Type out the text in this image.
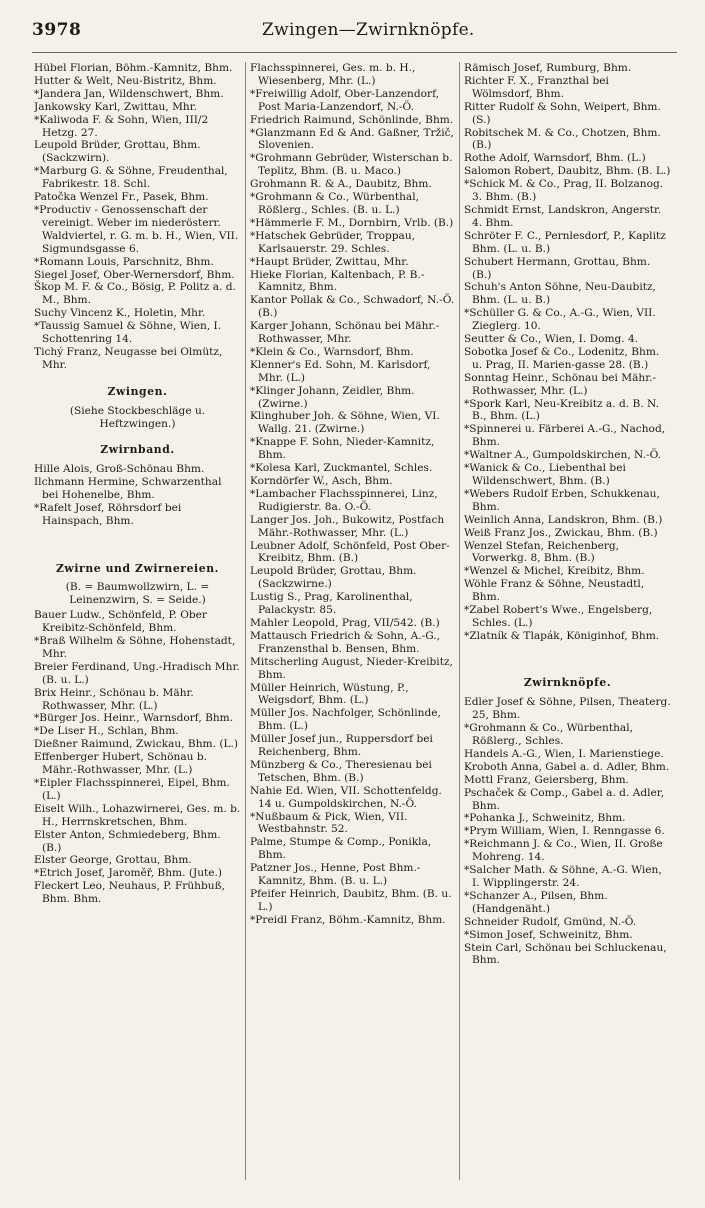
3978	Zwingen—Zwirnknöpfe.

Hübel Florian, Böhm.-Kamnitz, Bhm.

Hutter & Welt, Neu-Bistritz, Bhm.

*Jandera Jan, Wildenschwert, Bhm.

Jankowsky Karl, Zwittau, Mhr.

*Kaliwoda F. & Sohn, Wien, III/2 Hetzg. 27.

Leupold Brüder, Grottau, Bhm. (Sackzwirn).

*Marburg G. & Söhne, Freudenthal, Fabrikestr. 18. Schl.

Patočka Wenzel Fr., Pasek, Bhm.

*Productiv - Genossenschaft der vereinigt. Weber im niederösterr. Waldviertel, r. G. m. b. H., Wien, VII. Sigmundsgasse 6.

*Romann Louis, Parschnitz, Bhm.

Siegel Josef, Ober-Wernersdorf, Bhm.

Škop M. F. & Co., Bösig, P. Politz a. d. M., Bhm.

Suchy Vincenz K., Holetin, Mhr.

*Taussig Samuel & Söhne, Wien, I. Schottenring 14.

Tichý Franz, Neugasse bei Olmütz, Mhr.

Zwingen.

(Siehe Stockbeschläge u. Heftzwingen.)

Zwirnband.

Hille Alois, Groß-Schönau Bhm.

Ilchmann Hermine, Schwarzenthal bei Hohenelbe, Bhm.

*Rafelt Josef, Röhrsdorf bei Hainspach, Bhm.

Zwirne und Zwirnereien.

(B. = Baumwollzwirn, L. = Leinenzwirn, S. = Seide.)

Bauer Ludw., Schönfeld, P. Ober Kreibitz-Schönfeld, Bhm.

*Braß Wilhelm & Söhne, Hohenstadt, Mhr.

Breier Ferdinand, Ung.-Hradisch Mhr. (B. u. L.)

Brix Heinr., Schönau b. Mähr. Rothwasser, Mhr. (L.)

*Bürger Jos. Heinr., Warnsdorf, Bhm.

*De Liser H., Schlan, Bhm.

Dießner Raimund, Zwickau, Bhm. (L.)

Effenberger Hubert, Schönau b. Mähr.-Rothwasser, Mhr. (L.)

*Eipler Flachsspinnerei, Eipel, Bhm. (L.)

Eiselt Wilh., Lohazwirnerei, Ges. m. b. H., Herrnskretschen, Bhm.

Elster Anton, Schmiedeberg, Bhm. (B.)

Elster George, Grottau, Bhm.

*Etrich Josef, Jaroměř, Bhm. (Jute.)

Fleckert Leo, Neuhaus, P. Frühbuß, Bhm. Bhm.

Flachsspinnerei, Ges. m. b. H., Wiesenberg, Mhr. (L.)

*Freiwillig Adolf, Ober-Lanzendorf, Post Maria-Lanzendorf, N.-Ö.

Friedrich Raimund, Schönlinde, Bhm.

*Glanzmann Ed & And. Gaßner, Tržič, Slovenien.

*Grohmann Gebrüder, Wisterschan b. Teplitz, Bhm. (B. u. Maco.)

Grohmann R. & A., Daubitz, Bhm.

*Grohmann & Co., Würbenthal, Rößlerg., Schles. (B. u. L.)

*Hämmerle F. M., Dornbirn, Vrlb. (B.)

*Hatschek Gebrüder, Troppau, Karlsauerstr. 29. Schles.

*Haupt Brüder, Zwittau, Mhr.

Hieke Florian, Kaltenbach, P. B.-Kamnitz, Bhm.

Kantor Pollak & Co., Schwadorf, N.-Ö. (B.)

Karger Johann, Schönau bei Mähr.-Rothwasser, Mhr.

*Klein & Co., Warnsdorf, Bhm.

Klenner's Ed. Sohn, M. Karlsdorf, Mhr. (L.)

*Klinger Johann, Zeidler, Bhm. (Zwirne.)

Klinghuber Joh. & Söhne, Wien, VI. Wallg. 21. (Zwirne.)

*Knappe F. Sohn, Nieder-Kamnitz, Bhm.

*Kolesa Karl, Zuckmantel, Schles.

Korndörfer W., Asch, Bhm.

*Lambacher Flachsspinnerei, Linz, Rudigierstr. 8a. O.-Ö.

Langer Jos. Joh., Bukowitz, Postfach Mähr.-Rothwasser, Mhr. (L.)

Leubner Adolf, Schönfeld, Post Ober-Kreibitz, Bhm. (B.)

Leupold Brüder, Grottau, Bhm. (Sackzwirne.)

Lustig S., Prag, Karolinenthal, Palackystr. 85.

Mahler Leopold, Prag, VII/542. (B.)

Mattausch Friedrich & Sohn, A.-G., Franzensthal b. Bensen, Bhm.

Mitscherling August, Nieder-Kreibitz, Bhm.

Müller Heinrich, Wüstung, P., Weigsdorf, Bhm. (L.)

Müller Jos. Nachfolger, Schönlinde, Bhm. (L.)

Müller Josef jun., Ruppersdorf bei Reichenberg, Bhm.

Münzberg & Co., Theresienau bei Tetschen, Bhm. (B.)

Nahie Ed. Wien, VII. Schottenfeldg. 14 u. Gumpoldskirchen, N.-Ö.

*Nußbaum & Pick, Wien, VII. Westbahnstr. 52.

Palme, Stumpe & Comp., Ponikla, Bhm.

Patzner Jos., Henne, Post Bhm.-Kamnitz, Bhm. (B. u. L.)

Pfeifer Heinrich, Daubitz, Bhm. (B. u. L.)

*Preidl Franz, Böhm.-Kamnitz, Bhm.

Rämisch Josef, Rumburg, Bhm.

Richter F. X., Franzthal bei Wölmsdorf, Bhm.

Ritter Rudolf & Sohn, Weipert, Bhm. (S.)

Robitschek M. & Co., Chotzen, Bhm. (B.)

Rothe Adolf, Warnsdorf, Bhm. (L.)

Salomon Robert, Daubitz, Bhm. (B. L.)

*Schick M. & Co., Prag, II. Bolzanog. 3. Bhm. (B.)

Schmidt Ernst, Landskron, Angerstr. 4. Bhm.

Schröter F. C., Pernlesdorf, P., Kaplitz Bhm. (L. u. B.)

Schubert Hermann, Grottau, Bhm. (B.)

Schuh's Anton Söhne, Neu-Daubitz, Bhm. (L. u. B.)

*Schüller G. & Co., A.-G., Wien, VII. Zieglerg. 10.

Seutter & Co., Wien, I. Domg. 4.

Sobotka Josef & Co., Lodenitz, Bhm. u. Prag, II. Marien-gasse 28. (B.)

Sonntag Heinr., Schönau bei Mähr.-Rothwasser, Mhr. (L.)

*Spork Karl, Neu-Kreibitz a. d. B. N. B., Bhm. (L.)

*Spinnerei u. Färberei A.-G., Nachod, Bhm.

*Waltner A., Gumpoldskirchen, N.-Ö.

*Wanick & Co., Liebenthal bei Wildenschwert, Bhm. (B.)

*Webers Rudolf Erben, Schukkenau, Bhm.

Weinlich Anna, Landskron, Bhm. (B.)

Weiß Franz Jos., Zwickau, Bhm. (B.)

Wenzel Stefan, Reichenberg, Vorwerkg. 8, Bhm. (B.)

*Wenzel & Michel, Kreibitz, Bhm.

Wöhle Franz & Söhne, Neustadtl, Bhm.

*Zabel Robert's Wwe., Engelsberg, Schles. (L.)

*Zlatník & Tlapák, Königinhof, Bhm.

Zwirnknöpfe.

Edler Josef & Söhne, Pilsen, Theaterg. 25, Bhm.

*Grohmann & Co., Würbenthal, Rößlerg., Schles.

Handels A.-G., Wien, I. Marienstiege.

Kroboth Anna, Gabel a. d. Adler, Bhm.

Mottl Franz, Geiersberg, Bhm.

Pschaček & Comp., Gabel a. d. Adler, Bhm.

*Pohanka J., Schweinitz, Bhm.

*Prym William, Wien, I. Renngasse 6.

*Reichmann J. & Co., Wien, II. Große Mohreng. 14.

*Salcher Math. & Söhne, A.-G. Wien, I. Wipplingerstr. 24.

*Schanzer A., Pilsen, Bhm. (Handgenäht.)

Schneider Rudolf, Gmünd, N.-Ö.

*Simon Josef, Schweinitz, Bhm.

Stein Carl, Schönau bei Schluckenau, Bhm.
